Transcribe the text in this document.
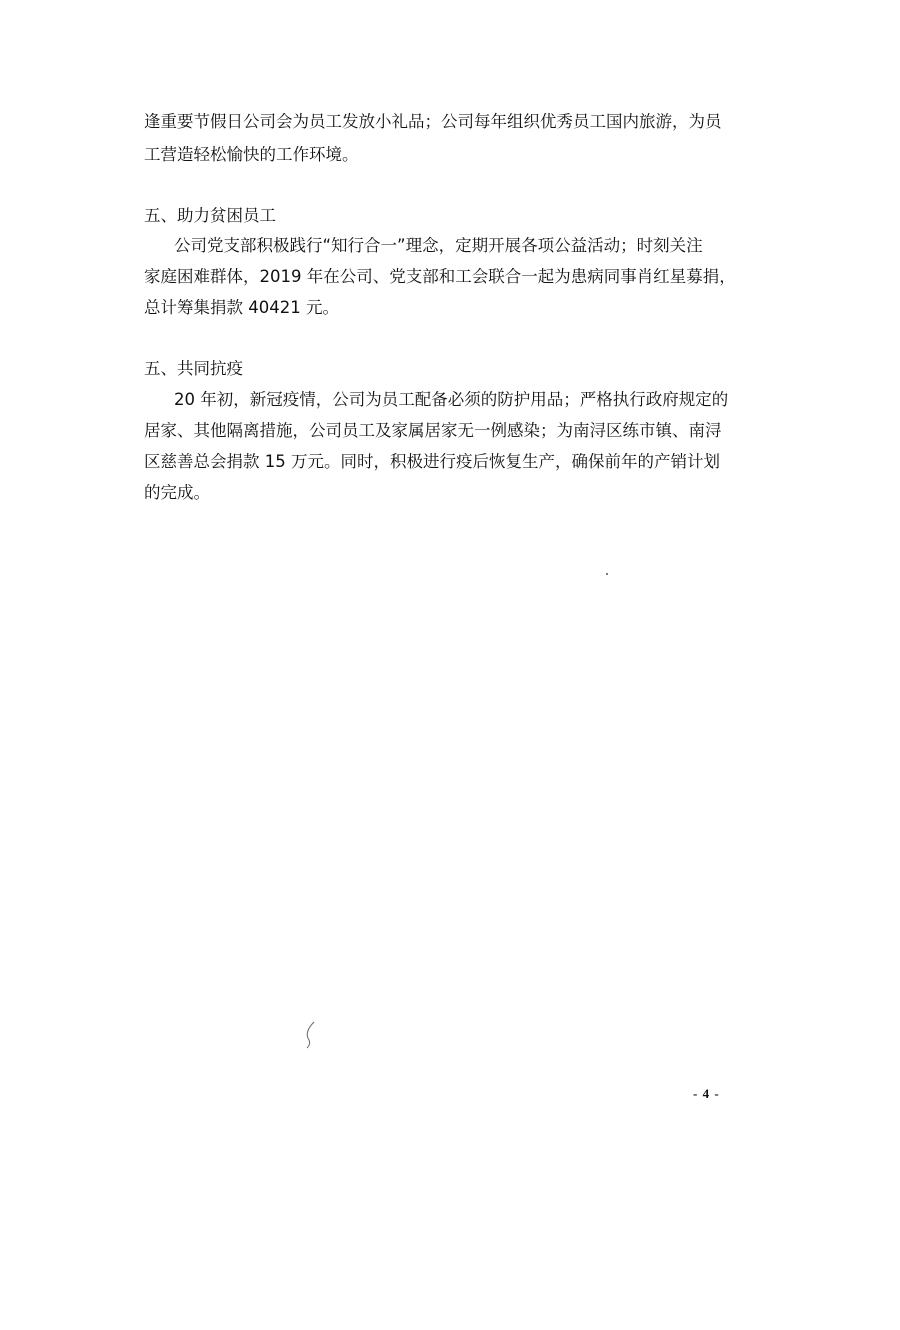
逢重要节假日公司会为员工发放小礼品；公司每年组织优秀员工国内旅游，为员
工营造轻松愉快的工作环境。
五、助力贫困员工
公司党支部积极践行“知行合一”理念，定期开展各项公益活动；时刻关注
家庭困难群体，2019 年在公司、党支部和工会联合一起为患病同事肖红星募捐，
总计筹集捐款 40421 元。
五、共同抗疫
20 年初，新冠疫情，公司为员工配备必须的防护用品；严格执行政府规定的
居家、其他隔离措施，公司员工及家属居家无一例感染；为南浔区练市镇、南浔
区慈善总会捐款 15 万元。同时，积极进行疫后恢复生产，确保前年的产销计划
的完成。
- 4 -
